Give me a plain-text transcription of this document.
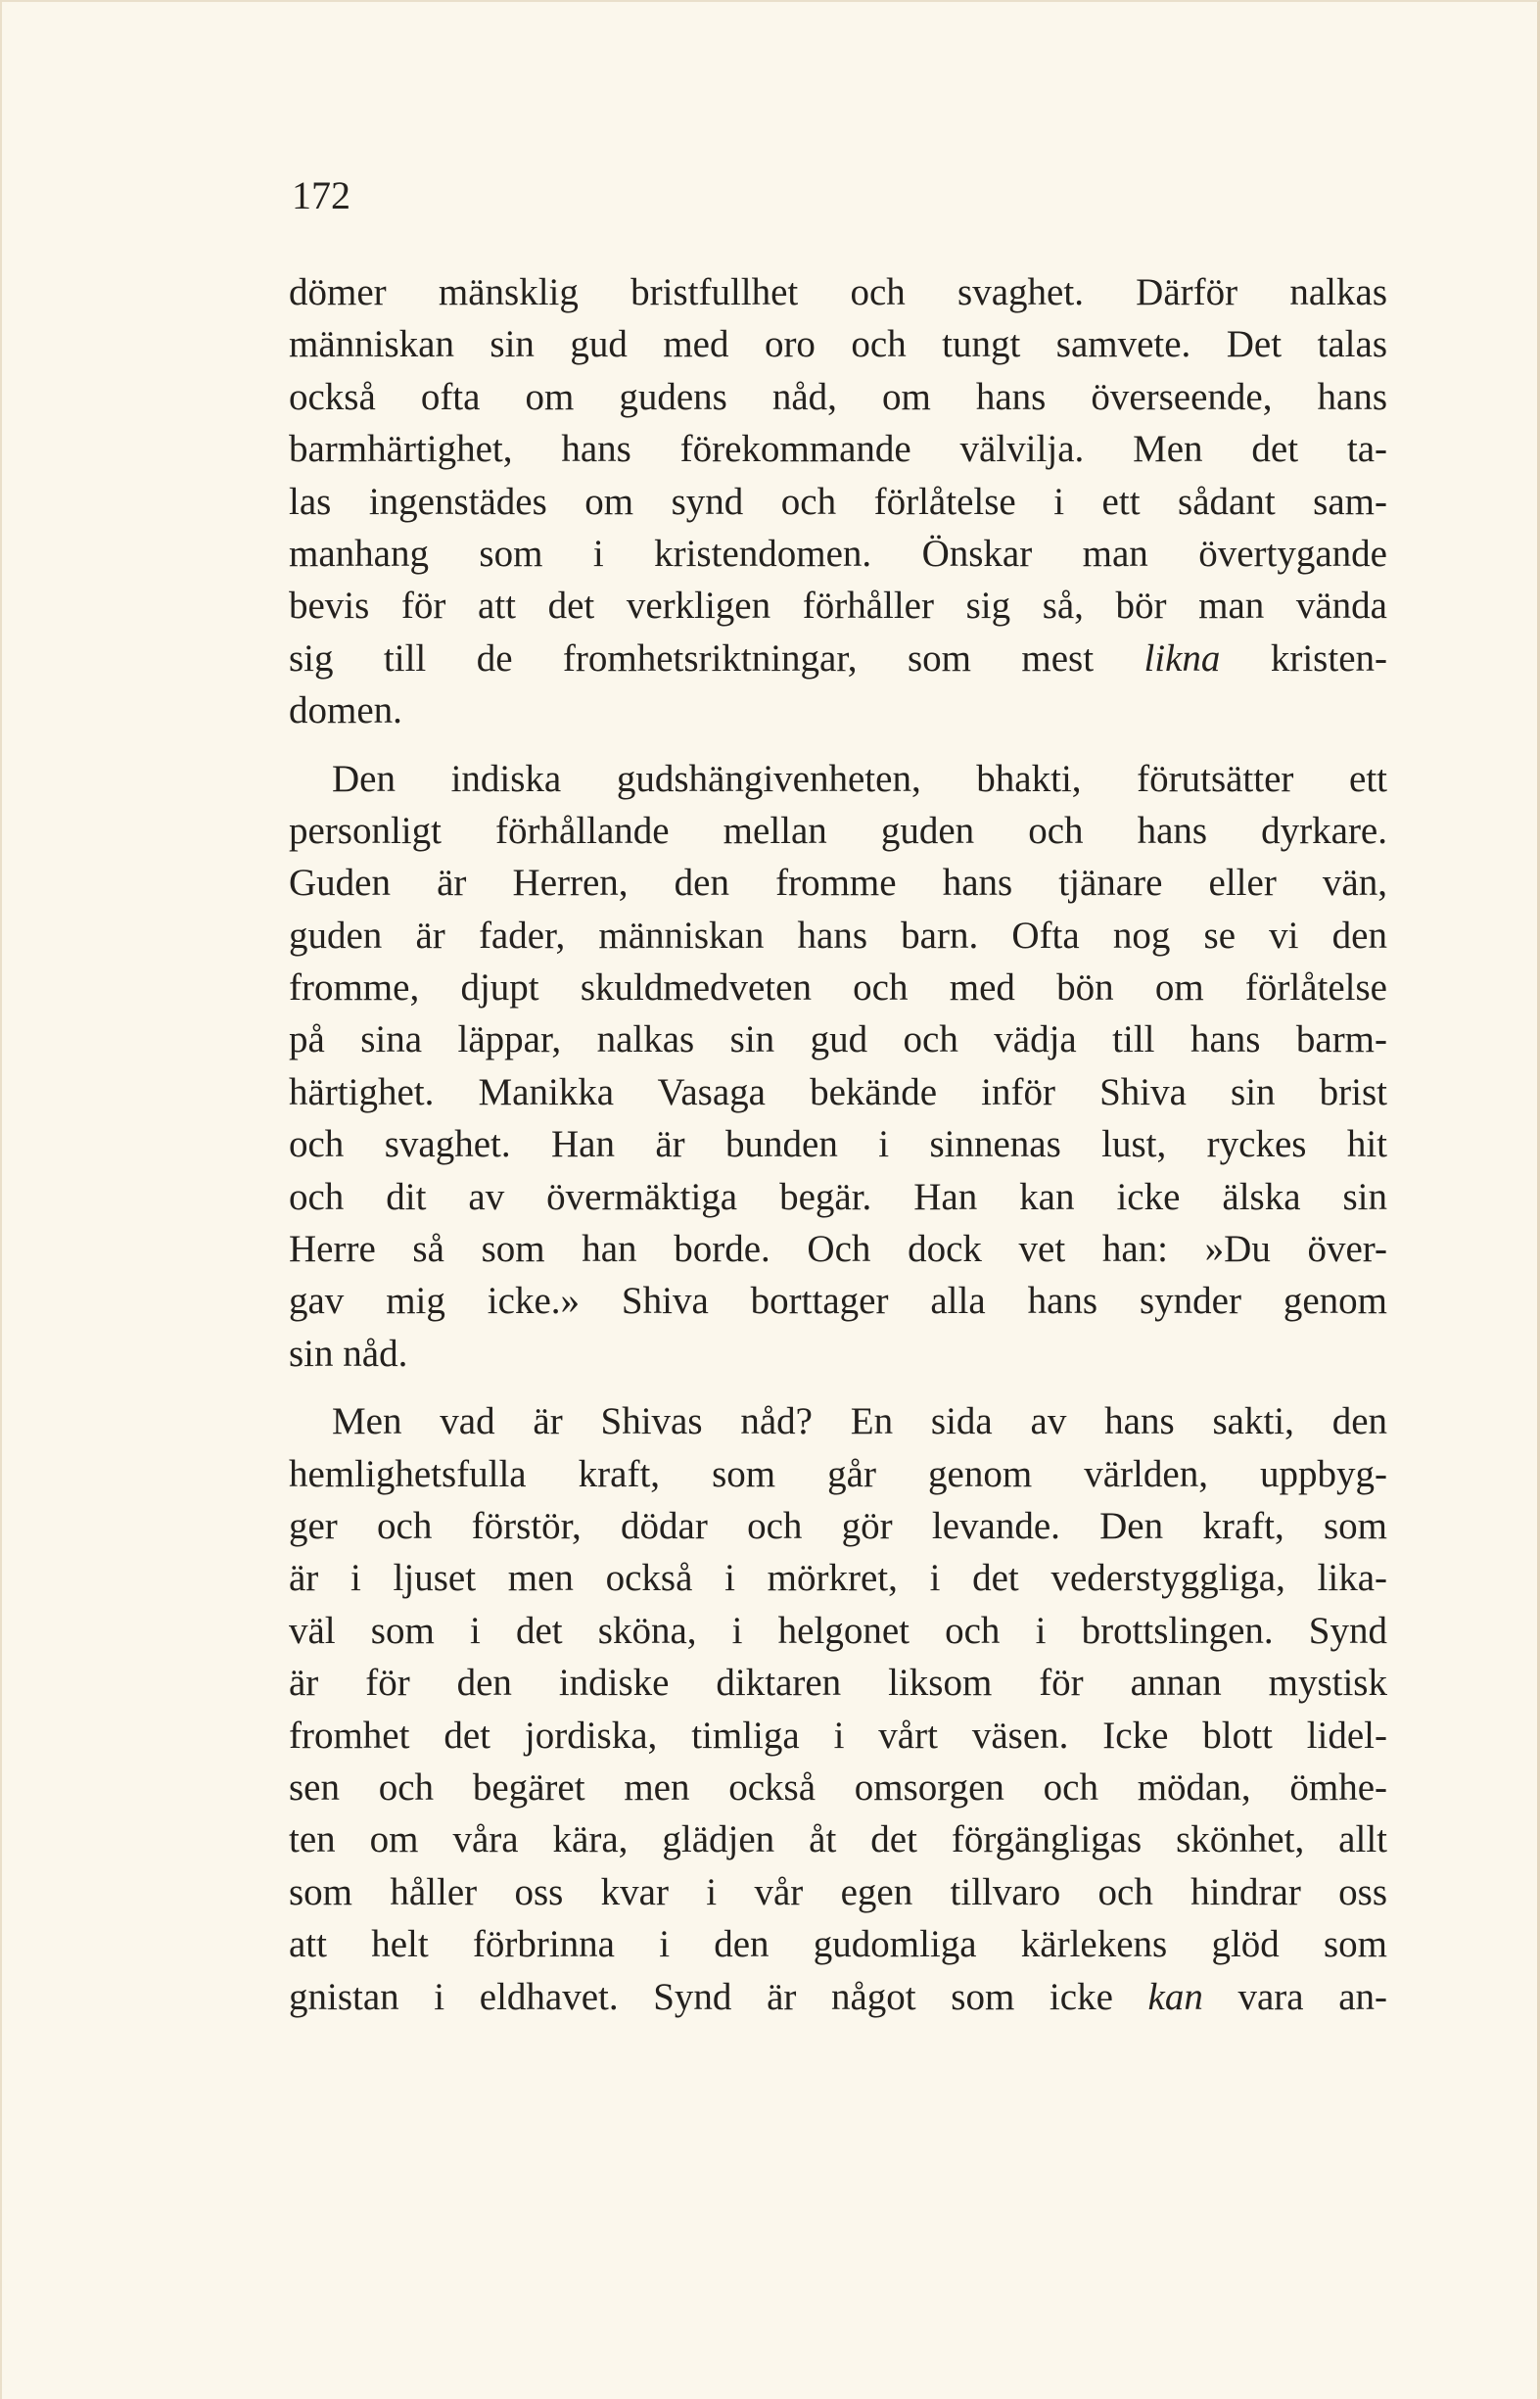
172
dömer mänsklig bristfullhet och svaghet. Därför nalkas
människan sin gud med oro och tungt samvete. Det talas
också ofta om gudens nåd, om hans överseende, hans
barmhärtighet, hans förekommande välvilja. Men det ta-
las ingenstädes om synd och förlåtelse i ett sådant sam-
manhang som i kristendomen. Önskar man övertygande
bevis för att det verkligen förhåller sig så, bör man vända
sig till de fromhetsriktningar, som mest likna kristen-
domen.
Den indiska gudshängivenheten, bhakti, förutsätter ett
personligt förhållande mellan guden och hans dyrkare.
Guden är Herren, den fromme hans tjänare eller vän,
guden är fader, människan hans barn. Ofta nog se vi den
fromme, djupt skuldmedveten och med bön om förlåtelse
på sina läppar, nalkas sin gud och vädja till hans barm-
härtighet. Manikka Vasaga bekände inför Shiva sin brist
och svaghet. Han är bunden i sinnenas lust, ryckes hit
och dit av övermäktiga begär. Han kan icke älska sin
Herre så som han borde. Och dock vet han: »Du över-
gav mig icke.» Shiva borttager alla hans synder genom
sin nåd.
Men vad är Shivas nåd? En sida av hans sakti, den
hemlighetsfulla kraft, som går genom världen, uppbyg-
ger och förstör, dödar och gör levande. Den kraft, som
är i ljuset men också i mörkret, i det vederstyggliga, lika-
väl som i det sköna, i helgonet och i brottslingen. Synd
är för den indiske diktaren liksom för annan mystisk
fromhet det jordiska, timliga i vårt väsen. Icke blott lidel-
sen och begäret men också omsorgen och mödan, ömhe-
ten om våra kära, glädjen åt det förgängligas skönhet, allt
som håller oss kvar i vår egen tillvaro och hindrar oss
att helt förbrinna i den gudomliga kärlekens glöd som
gnistan i eldhavet. Synd är något som icke kan vara an-
